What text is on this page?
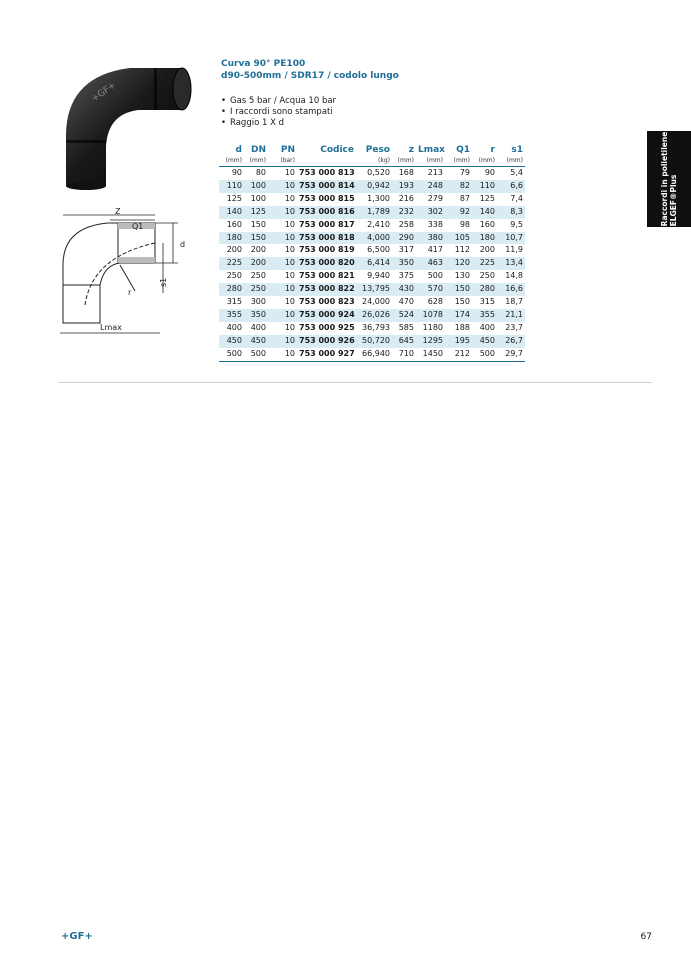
Curva 90° PE100
d90-500mm / SDR17 / codolo lungo
• Gas 5 bar / Acqua 10 bar
• I raccordi sono stampati
• Raggio 1 X d
+GF+
Z
Q1
d
r
s1
Lmax
d	DN	PN	Codice	Peso	z	Lmax	Q1	r	s1
(mm)	(mm)	(bar)		(kg)	(mm)	(mm)	(mm)	(mm)	(mm)
90	80	10	753 000 813	0,520	168	213	79	90	5,4
110	100	10	753 000 814	0,942	193	248	82	110	6,6
125	100	10	753 000 815	1,300	216	279	87	125	7,4
140	125	10	753 000 816	1,789	232	302	92	140	8,3
160	150	10	753 000 817	2,410	258	338	98	160	9,5
180	150	10	753 000 818	4,000	290	380	105	180	10,7
200	200	10	753 000 819	6,500	317	417	112	200	11,9
225	200	10	753 000 820	6,414	350	463	120	225	13,4
250	250	10	753 000 821	9,940	375	500	130	250	14,8
280	250	10	753 000 822	13,795	430	570	150	280	16,6
315	300	10	753 000 823	24,000	470	628	150	315	18,7
355	350	10	753 000 924	26,026	524	1078	174	355	21,1
400	400	10	753 000 925	36,793	585	1180	188	400	23,7
450	450	10	753 000 926	50,720	645	1295	195	450	26,7
500	500	10	753 000 927	66,940	710	1450	212	500	29,7
Raccordi in polietilene ELGEF®Plus
+GF+	67
